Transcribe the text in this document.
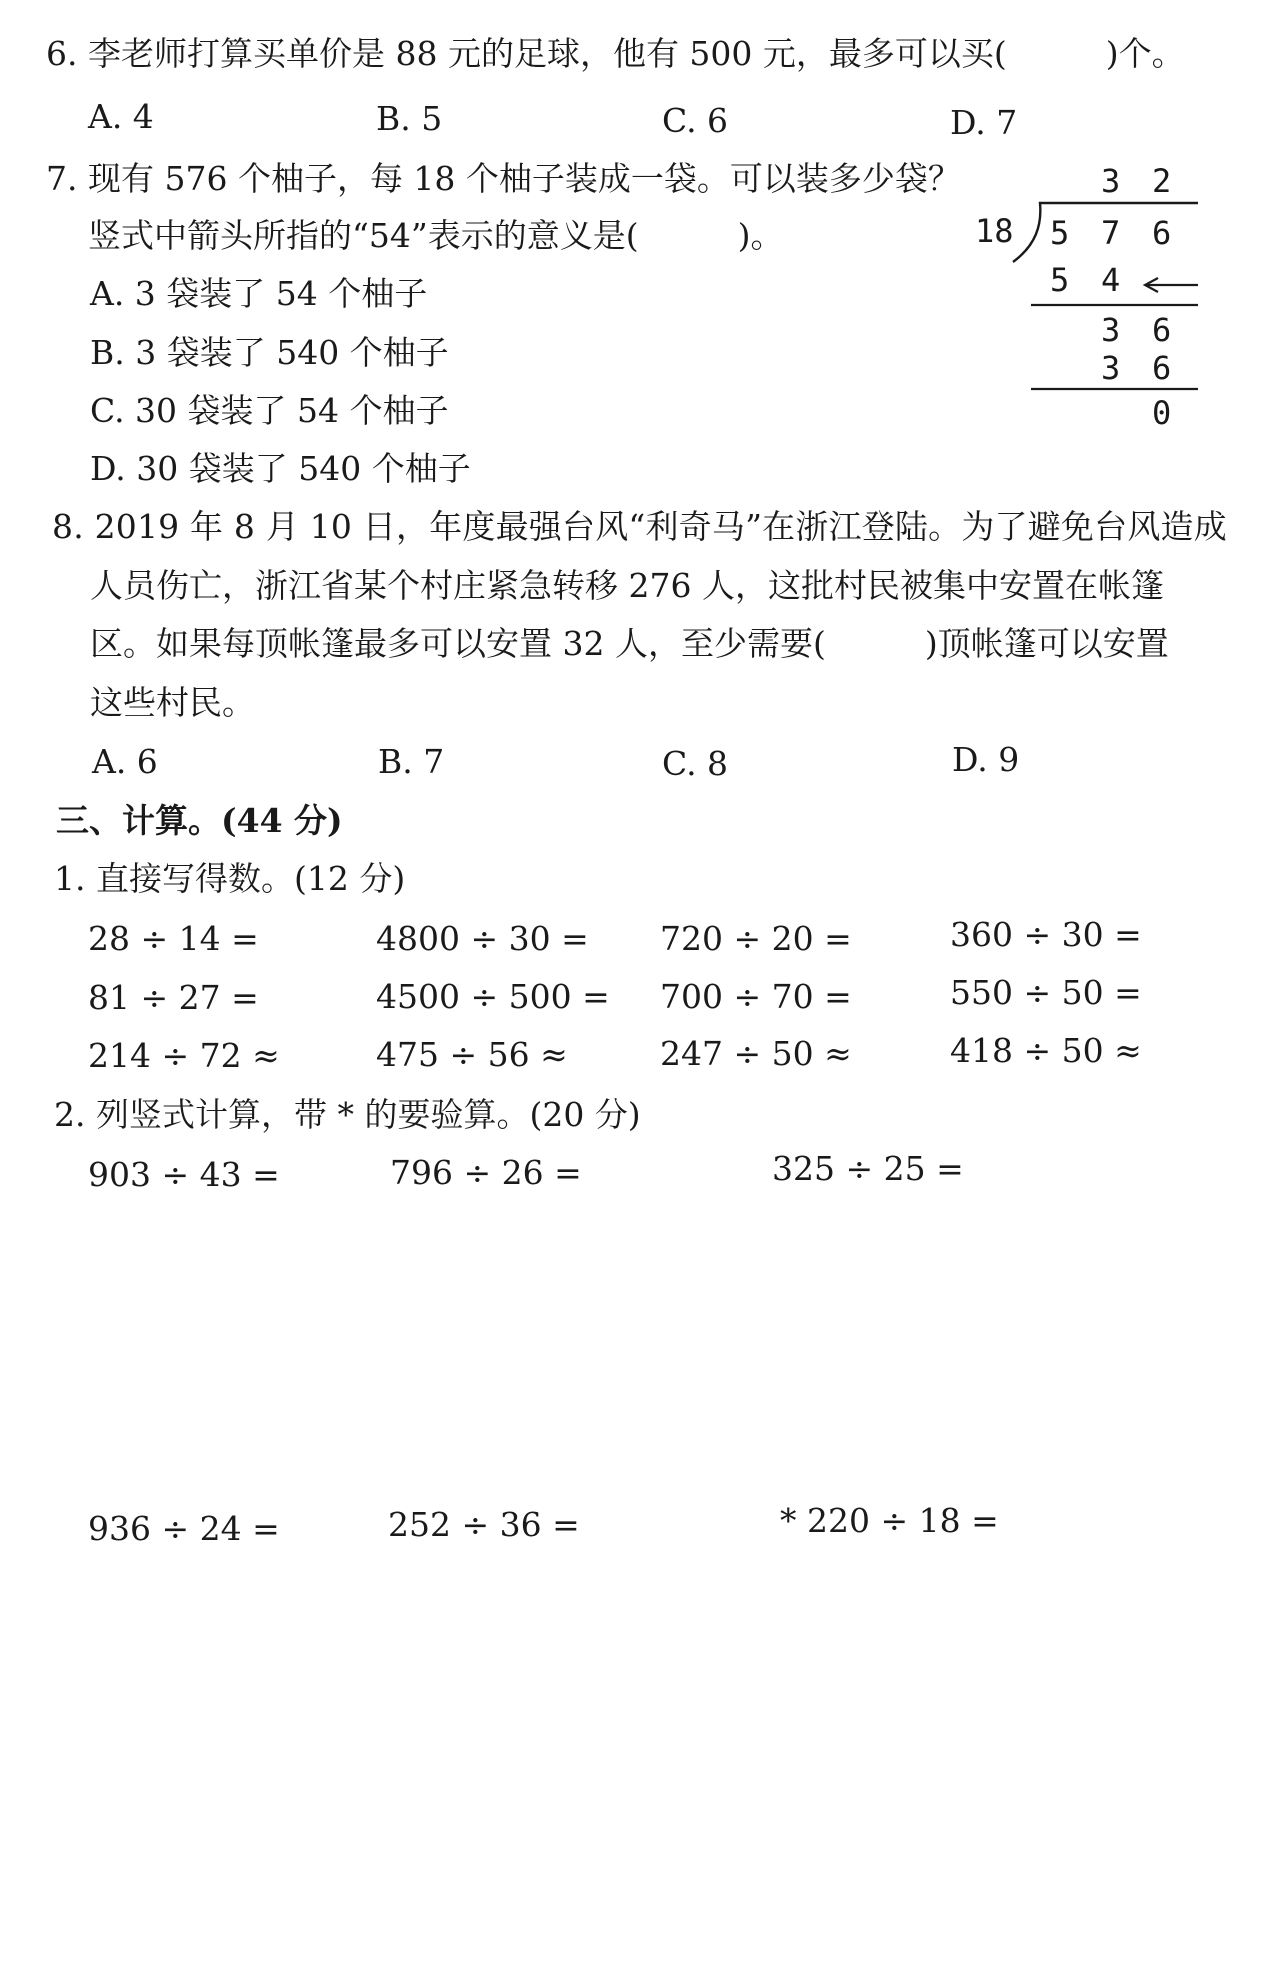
6. 李老师打算买单价是 88 元的足球，他有 500 元，最多可以买(　　　)个。
A. 4	B. 5	C. 6	D. 7
7. 现有 576 个柚子，每 18 个柚子装成一袋。可以装多少袋？
竖式中箭头所指的“54”表示的意义是(　　　)。
A. 3 袋装了 54 个柚子
B. 3 袋装了 540 个柚子
C. 30 袋装了 54 个柚子
D. 30 袋装了 540 个柚子
3 2
18 5 7 6
5 4
3 6
3 6
0
8. 2019 年 8 月 10 日，年度最强台风“利奇马”在浙江登陆。为了避免台风造成
人员伤亡，浙江省某个村庄紧急转移 276 人，这批村民被集中安置在帐篷
区。如果每顶帐篷最多可以安置 32 人，至少需要(　　　)顶帐篷可以安置
这些村民。
A. 6	B. 7	C. 8	D. 9
三、计算。(44 分)
1. 直接写得数。(12 分)
28 ÷ 14 =	4800 ÷ 30 = 720 ÷ 20 =	360 ÷ 30 =
81 ÷ 27 =	4500 ÷ 500 = 700 ÷ 70 =	550 ÷ 50 =
214 ÷ 72 ≈	475 ÷ 56 ≈	247 ÷ 50 ≈	418 ÷ 50 ≈
2. 列竖式计算，带 * 的要验算。(20 分)
903 ÷ 43 =	796 ÷ 26 =	325 ÷ 25 =
936 ÷ 24 =	252 ÷ 36 =	* 220 ÷ 18 =
